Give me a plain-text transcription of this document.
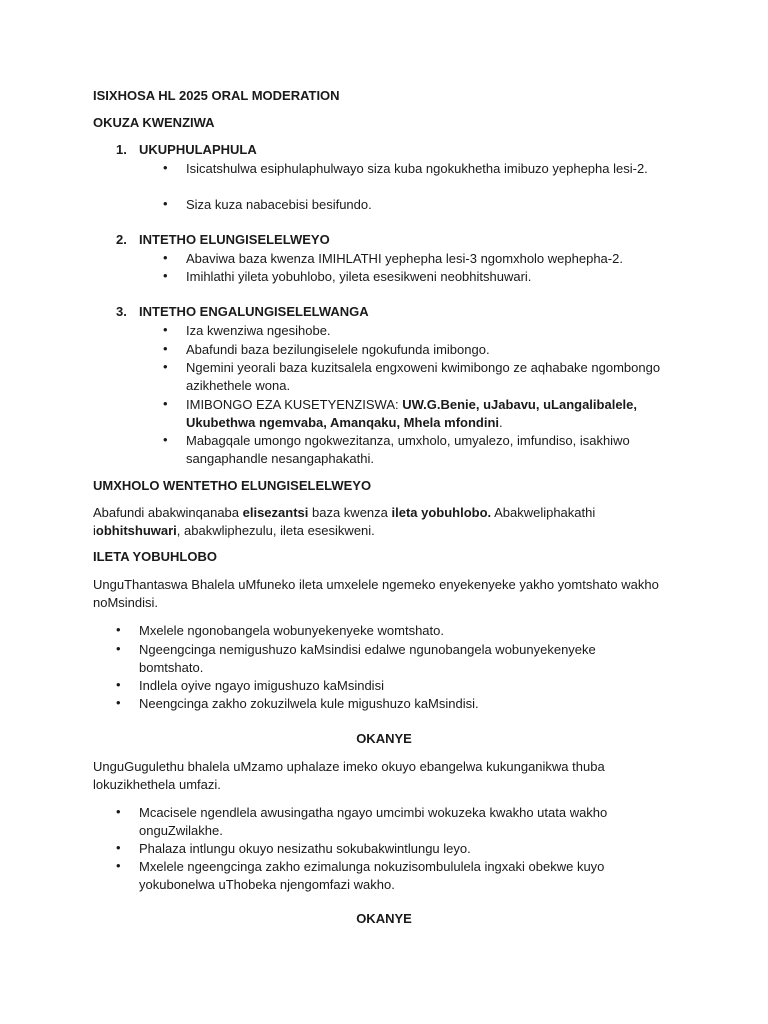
ISIXHOSA HL 2025 ORAL MODERATION
OKUZA KWENZIWA
1. UKUPHULAPHULA
•
Isicatshulwa esiphulaphulwayo siza kuba ngokukhetha imibuzo yephepha lesi-2.
•
Siza kuza nabacebisi besifundo.
2. INTETHO ELUNGISELELWEYO
•
Abaviwa baza kwenza IMIHLATHI yephepha lesi-3 ngomxholo wephepha-2.
•
Imihlathi yileta yobuhlobo, yileta esesikweni neobhitshuwari.
3. INTETHO ENGALUNGISELELWANGA
•
Iza kwenziwa ngesihobe.
•
Abafundi baza bezilungiselele ngokufunda imibongo.
•
Ngemini yeorali baza kuzitsalela engxoweni kwimibongo ze aqhabake ngombongo azikhethele wona.
•
IMIBONGO EZA KUSETYENZISWA: UW.G.Benie, uJabavu, uLangalibalele, Ukubethwa ngemvaba, Amanqaku, Mhela mfondini.
•
Mabagqale umongo ngokwezitanza, umxholo, umyalezo, imfundiso, isakhiwo sangaphandle nesangaphakathi.
UMXHOLO WENTETHO ELUNGISELELWEYO
Abafundi abakwinqanaba elisezantsi baza kwenza ileta yobuhlobo. Abakweliphakathi iobhitshuwari, abakwliphezulu, ileta esesikweni.
ILETA YOBUHLOBO
UnguThantaswa Bhalela uMfuneko ileta umxelele ngemeko enyekenyeke yakho yomtshato wakho noMsindisi.
•
Mxelele ngonobangela wobunyekenyeke womtshato.
•
Ngeengcinga nemigushuzo kaMsindisi edalwe ngunobangela wobunyekenyeke bomtshato.
•
Indlela oyive ngayo imigushuzo kaMsindisi
•
Neengcinga zakho zokuzilwela kule migushuzo kaMsindisi.
OKANYE
UnguGugulethu bhalela uMzamo uphalaze imeko okuyo ebangelwa kukunganikwa thuba lokuzikhethela umfazi.
•
Mcacisele ngendlela awusingatha ngayo umcimbi wokuzeka kwakho utata wakho onguZwilakhe.
•
Phalaza intlungu okuyo nesizathu sokubakwintlungu leyo.
•
Mxelele ngeengcinga zakho ezimalunga nokuzisombululela ingxaki obekwe kuyo yokubonelwa uThobeka njengomfazi wakho.
OKANYE
